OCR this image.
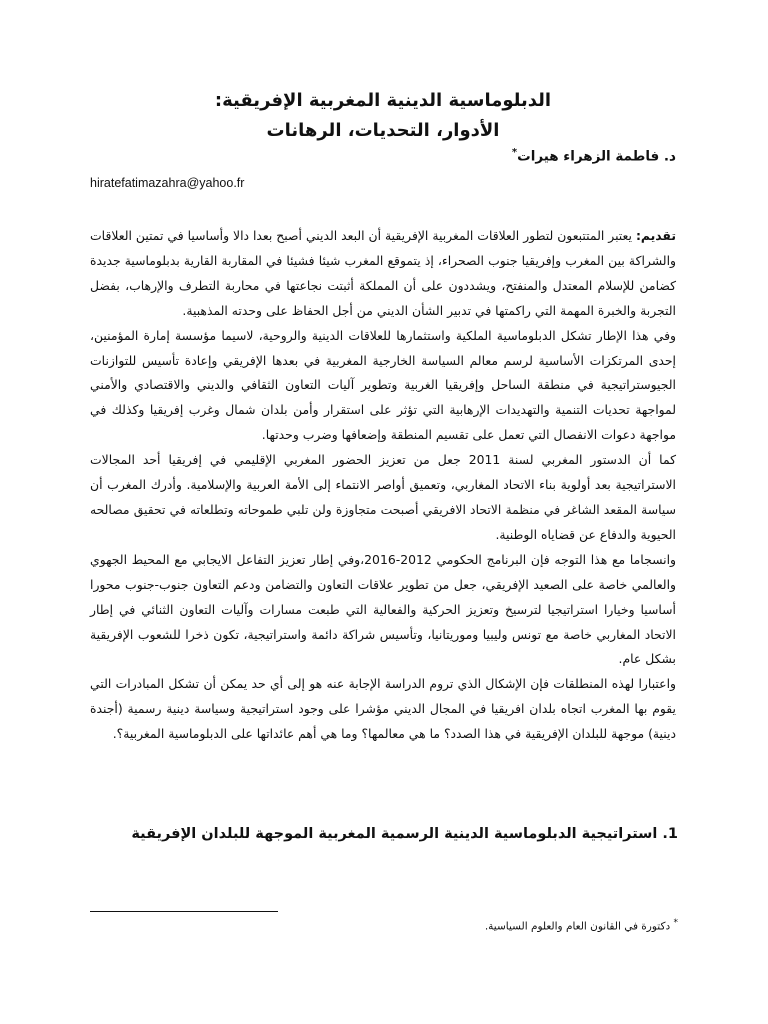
الدبلوماسية الدينية المغربية الإفريقية:
الأدوار، التحديات، الرهانات

د. فاطمة الزهراء هيرات*

hiratefatimazahra@yahoo.fr

تقديم: يعتبر المتتبعون لتطور العلاقات المغربية الإفريقية أن البعد الديني أصبح بعدا دالا وأساسيا في تمتين العلاقات والشراكة بين المغرب وإفريقيا جنوب الصحراء، إذ يتموقع المغرب شيئا فشيئا في المقاربة القارية بدبلوماسية جديدة كضامن للإسلام المعتدل والمنفتح، ويشددون على أن المملكة أثبتت نجاعتها في محاربة التطرف والإرهاب، بفضل التجربة والخبرة المهمة التي راكمتها في تدبير الشأن الديني من أجل الحفاظ على وحدته المذهبية.

وفي هذا الإطار تشكل الدبلوماسية الملكية واستثمارها للعلاقات الدينية والروحية، لاسيما مؤسسة إمارة المؤمنين، إحدى المرتكزات الأساسية لرسم معالم السياسة الخارجية المغربية في بعدها الإفريقي وإعادة تأسيس للتوازنات الجيوستراتيجية في منطقة الساحل وإفريقيا الغربية وتطوير آليات التعاون الثقافي والديني والاقتصادي والأمني لمواجهة تحديات التنمية والتهديدات الإرهابية التي تؤثر على استقرار وأمن بلدان شمال وغرب إفريقيا وكذلك في مواجهة دعوات الانفصال التي تعمل على تقسيم المنطقة وإضعافها وضرب وحدتها.

كما أن الدستور المغربي لسنة 2011 جعل من تعزيز الحضور المغربي الإقليمي في إفريقيا أحد المجالات الاستراتيجية بعد أولوية بناء الاتحاد المغاربي، وتعميق أواصر الانتماء إلى الأمة العربية والإسلامية. وأدرك المغرب أن سياسة المقعد الشاغر في منظمة الاتحاد الافريقي أصبحت متجاوزة ولن تلبي طموحاته وتطلعاته في تحقيق مصالحه الحيوية والدفاع عن قضاياه الوطنية.

وانسجاما مع هذا التوجه فإن البرنامج الحكومي 2012-2016،وفي إطار تعزيز التفاعل الايجابي مع المحيط الجهوي والعالمي خاصة على الصعيد الإفريقي، جعل من تطوير علاقات التعاون والتضامن ودعم التعاون جنوب-جنوب محورا أساسيا وخيارا استراتيجيا لترسيخ وتعزيز الحركية والفعالية التي طبعت مسارات وآليات التعاون الثنائي في إطار الاتحاد المغاربي خاصة مع تونس وليبيا وموريتانيا، وتأسيس شراكة دائمة واستراتيجية، تكون ذخرا للشعوب الإفريقية بشكل عام.

واعتبارا لهذه المنطلقات فإن الإشكال الذي تروم الدراسة الإجابة عنه هو إلى أي حد يمكن أن تشكل المبادرات التي يقوم بها المغرب اتجاه بلدان افريقيا في المجال الديني مؤشرا على وجود استراتيجية وسياسة دينية رسمية (أجندة دينية) موجهة للبلدان الإفريقية في هذا الصدد؟ ما هي معالمها؟ وما هي أهم عائداتها على الدبلوماسية المغربية؟.

1. استراتيجية الدبلوماسية الدينية الرسمية المغربية الموجهة للبلدان الإفريقية

* دكتورة في القانون العام والعلوم السياسية.
